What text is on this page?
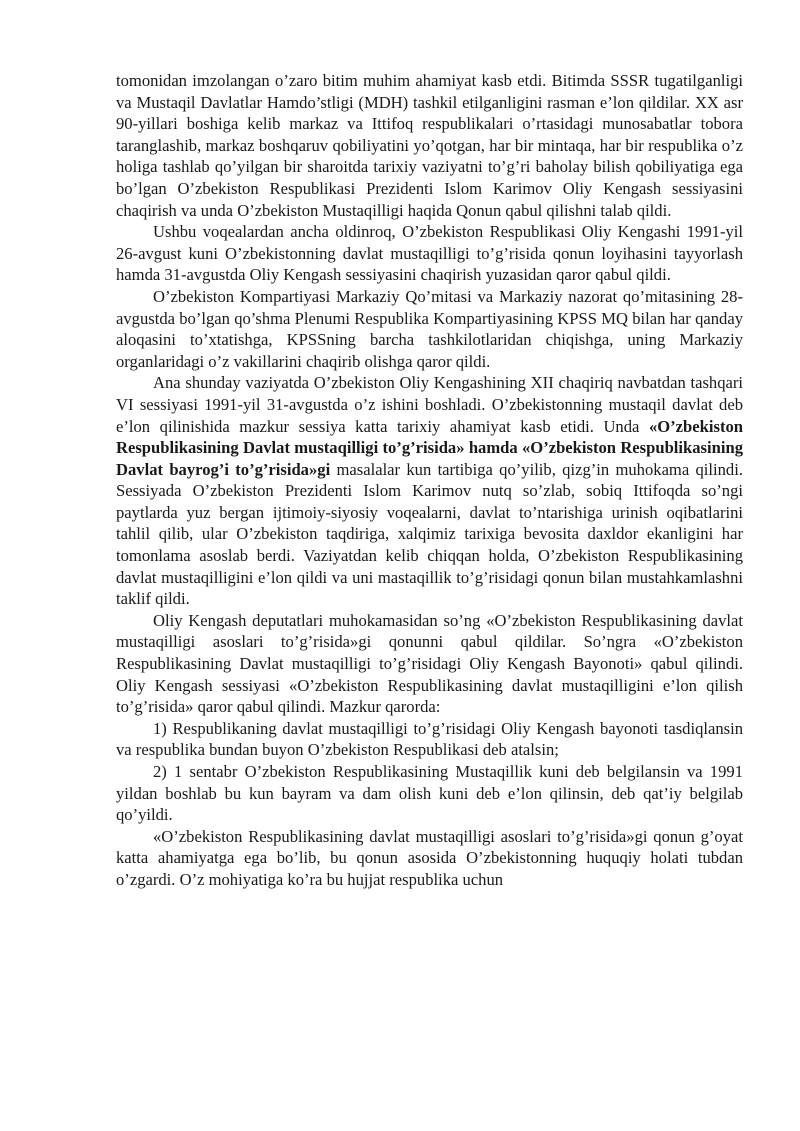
tomonidan imzolangan o’zaro bitim muhim ahamiyat kasb etdi. Bitimda SSSR tugatilganligi va Mustaqil Davlatlar Hamdo’stligi (MDH) tashkil etilganligini rasman e’lon qildilar. XX asr 90-yillari boshiga kelib markaz va Ittifoq respublikalari o’rtasidagi munosabatlar tobora taranglashib, markaz boshqaruv qobiliyatini yo’qotgan, har bir mintaqa, har bir respublika o’z holiga tashlab qo’yilgan bir sharoitda tarixiy vaziyatni to’g’ri baholay bilish qobiliyatiga ega bo’lgan O’zbekiston Respublikasi Prezidenti Islom Karimov Oliy Kengash sessiyasini chaqirish va unda O’zbekiston Mustaqilligi haqida Qonun qabul qilishni talab qildi.

Ushbu voqealardan ancha oldinroq, O’zbekiston Respublikasi Oliy Kengashi 1991-yil 26-avgust kuni O’zbekistonning davlat mustaqilligi to’g’risida qonun loyihasini tayyorlash hamda 31-avgustda Oliy Kengash sessiyasini chaqirish yuzasidan qaror qabul qildi.

O’zbekiston Kompartiyasi Markaziy Qo’mitasi va Markaziy nazorat qo’mitasining 28-avgustda bo’lgan qo’shma Plenumi Respublika Kompartiyasining KPSS MQ bilan har qanday aloqasini to’xtatishga, KPSSning barcha tashkilotlaridan chiqishga, uning Markaziy organlaridagi o’z vakillarini chaqirib olishga qaror qildi.

Ana shunday vaziyatda O’zbekiston Oliy Kengashining XII chaqiriq navbatdan tashqari VI sessiyasi 1991-yil 31-avgustda o’z ishini boshladi. O’zbekistonning mustaqil davlat deb e’lon qilinishida mazkur sessiya katta tarixiy ahamiyat kasb etidi. Unda «O’zbekiston Respublikasining Davlat mustaqilligi to’g’risida» hamda «O’zbekiston Respublikasining Davlat bayrog’i to’g’risida»gi masalalar kun tartibiga qo’yilib, qizg’in muhokama qilindi. Sessiyada O’zbekiston Prezidenti Islom Karimov nutq so’zlab, sobiq Ittifoqda so’ngi paytlarda yuz bergan ijtimoiy-siyosiy voqealarni, davlat to’ntarishiga urinish oqibatlarini tahlil qilib, ular O’zbekiston taqdiriga, xalqimiz tarixiga bevosita daxldor ekanligini har tomonlama asoslab berdi. Vaziyatdan kelib chiqqan holda, O’zbekiston Respublikasining davlat mustaqilligini e’lon qildi va uni mastaqillik to’g’risidagi qonun bilan mustahkamlashni taklif qildi.

Oliy Kengash deputatlari muhokamasidan so’ng «O’zbekiston Respublikasining davlat mustaqilligi asoslari to’g’risida»gi qonunni qabul qildilar. So’ngra «O’zbekiston Respublikasining Davlat mustaqilligi to’g’risidagi Oliy Kengash Bayonoti» qabul qilindi. Oliy Kengash sessiyasi «O’zbekiston Respublikasining davlat mustaqilligini e’lon qilish to’g’risida» qaror qabul qilindi. Mazkur qarorda:

1) Respublikaning davlat mustaqilligi to’g’risidagi Oliy Kengash bayonoti tasdiqlansin va respublika bundan buyon O’zbekiston Respublikasi deb atalsin;

2) 1 sentabr O’zbekiston Respublikasining Mustaqillik kuni deb belgilansin va 1991 yildan boshlab bu kun bayram va dam olish kuni deb e’lon qilinsin, deb qat’iy belgilab qo’yildi.

«O’zbekiston Respublikasining davlat mustaqilligi asoslari to’g’risida»gi qonun g’oyat katta ahamiyatga ega bo’lib, bu qonun asosida O’zbekistonning huquqiy holati tubdan o’zgardi. O’z mohiyatiga ko’ra bu hujjat respublika uchun
